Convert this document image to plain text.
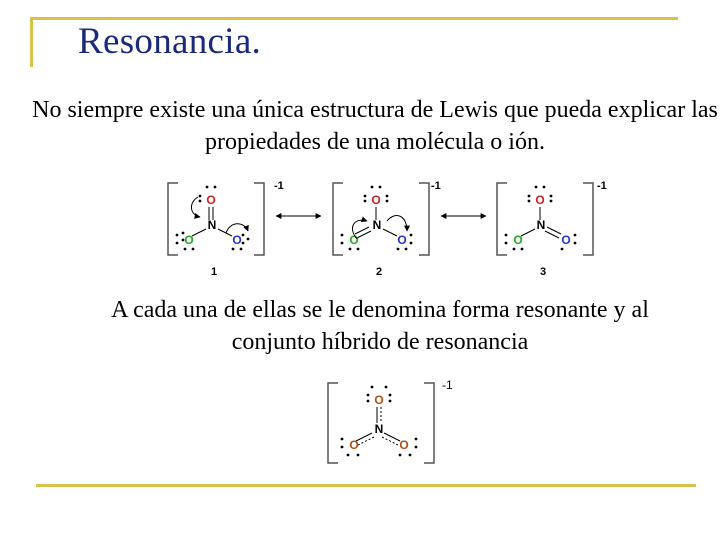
Resonancia.
No siempre existe una única estructura de Lewis que pueda explicar las propiedades de una molécula o ión.
-1
1
O
N
O	O
-1
2
O
N
O	O
-1
3
O
N
O	O
-1
O
N
O	O
A cada una de ellas se le denomina forma resonante y al conjunto híbrido de resonancia
